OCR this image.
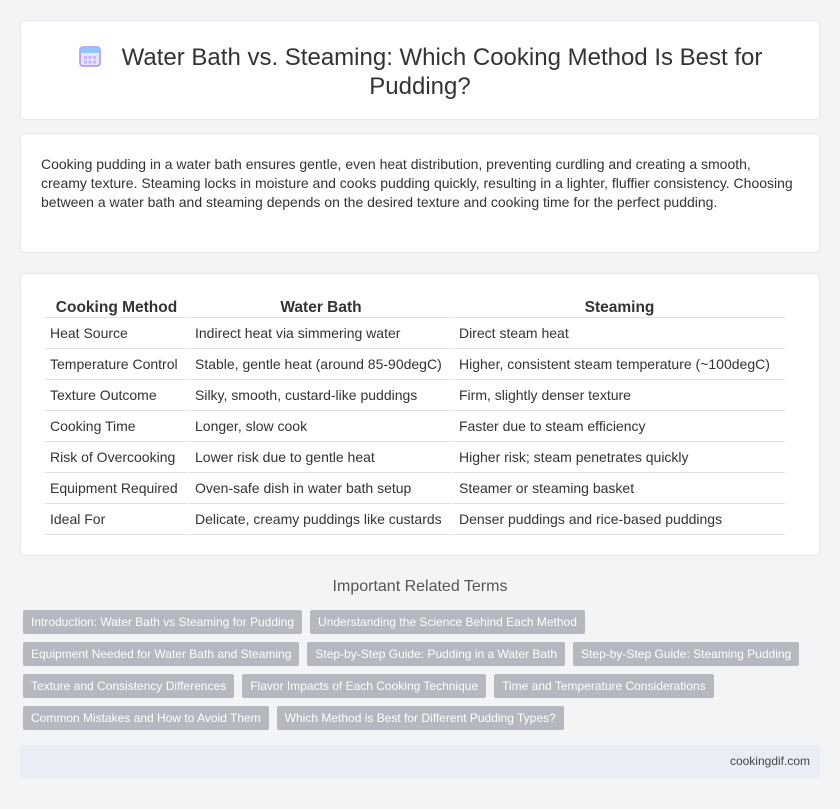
Water Bath vs. Steaming: Which Cooking Method Is Best for Pudding?

Cooking pudding in a water bath ensures gentle, even heat distribution, preventing curdling and creating a smooth, creamy texture. Steaming locks in moisture and cooks pudding quickly, resulting in a lighter, fluffier consistency. Choosing between a water bath and steaming depends on the desired texture and cooking time for the perfect pudding.

Cooking Method	Water Bath	Steaming
Heat Source	Indirect heat via simmering water	Direct steam heat
Temperature Control	Stable, gentle heat (around 85-90degC)	Higher, consistent steam temperature (~100degC)
Texture Outcome	Silky, smooth, custard-like puddings	Firm, slightly denser texture
Cooking Time	Longer, slow cook	Faster due to steam efficiency
Risk of Overcooking	Lower risk due to gentle heat	Higher risk; steam penetrates quickly
Equipment Required	Oven-safe dish in water bath setup	Steamer or steaming basket
Ideal For	Delicate, creamy puddings like custards	Denser puddings and rice-based puddings
Important Related Terms
Introduction: Water Bath vs Steaming for Pudding	Understanding the Science Behind Each Method
Equipment Needed for Water Bath and Steaming	Step-by-Step Guide: Pudding in a Water Bath	Step-by-Step Guide: Steaming Pudding
Texture and Consistency Differences	Flavor Impacts of Each Cooking Technique	Time and Temperature Considerations
Common Mistakes and How to Avoid Them	Which Method is Best for Different Pudding Types?
cookingdif.com
